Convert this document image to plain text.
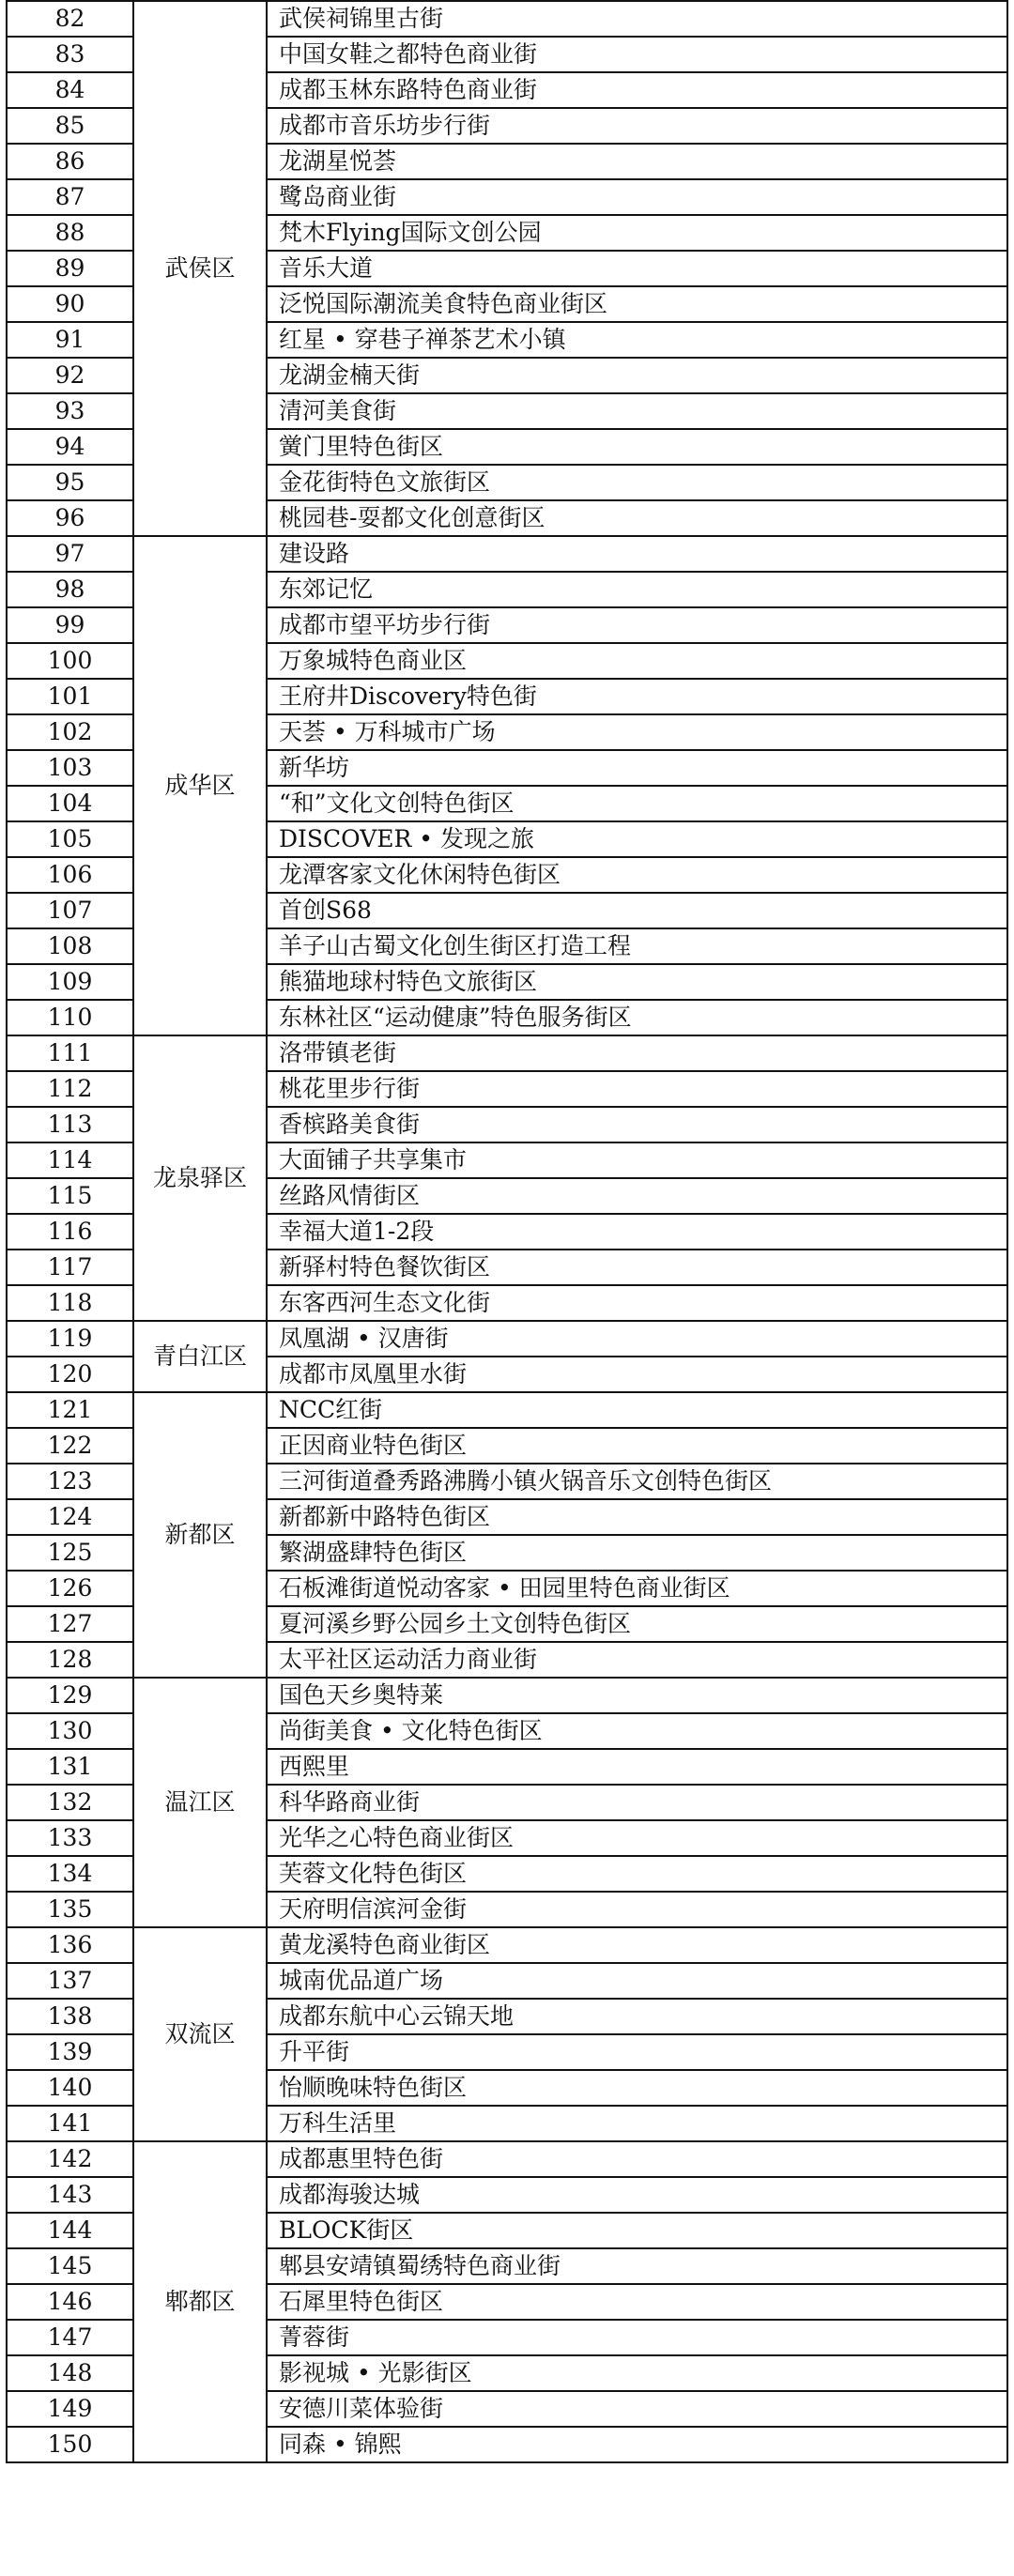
82	武侯区	武侯祠锦里古街
83		中国女鞋之都特色商业街
84		成都玉林东路特色商业街
85		成都市音乐坊步行街
86		龙湖星悦荟
87		鹭岛商业街
88		梵木Flying国际文创公园
89		音乐大道
90		泛悦国际潮流美食特色商业街区
91		红星 • 穿巷子禅茶艺术小镇
92		龙湖金楠天街
93		清河美食街
94		黉门里特色街区
95		金花街特色文旅街区
96		桃园巷-耍都文化创意街区
97	成华区	建设路
98		东郊记忆
99		成都市望平坊步行街
100		万象城特色商业区
101		王府井Discovery特色街
102		天荟 • 万科城市广场
103		新华坊
104		“和”文化文创特色街区
105		DISCOVER • 发现之旅
106		龙潭客家文化休闲特色街区
107		首创S68
108		羊子山古蜀文化创生街区打造工程
109		熊猫地球村特色文旅街区
110		东林社区“运动健康”特色服务街区
111	龙泉驿区	洛带镇老街
112		桃花里步行街
113		香槟路美食街
114		大面铺子共享集市
115		丝路风情街区
116		幸福大道1-2段
117		新驿村特色餐饮街区
118		东客西河生态文化街
119	青白江区	凤凰湖 • 汉唐街
120		成都市凤凰里水街
121	新都区	NCC红街
122		正因商业特色街区
123		三河街道叠秀路沸腾小镇火锅音乐文创特色街区
124		新都新中路特色街区
125		繁湖盛肆特色街区
126		石板滩街道悦动客家 • 田园里特色商业街区
127		夏河溪乡野公园乡土文创特色街区
128		太平社区运动活力商业街
129	温江区	国色天乡奥特莱
130		尚街美食 • 文化特色街区
131		西熙里
132		科华路商业街
133		光华之心特色商业街区
134		芙蓉文化特色街区
135		天府明信滨河金街
136	双流区	黄龙溪特色商业街区
137		城南优品道广场
138		成都东航中心云锦天地
139		升平街
140		怡顺晚味特色街区
141		万科生活里
142	郫都区	成都惠里特色街
143		成都海骏达城
144		BLOCK街区
145		郫县安靖镇蜀绣特色商业街
146		石犀里特色街区
147		菁蓉街
148		影视城 • 光影街区
149		安德川菜体验街
150		同森 • 锦熙
